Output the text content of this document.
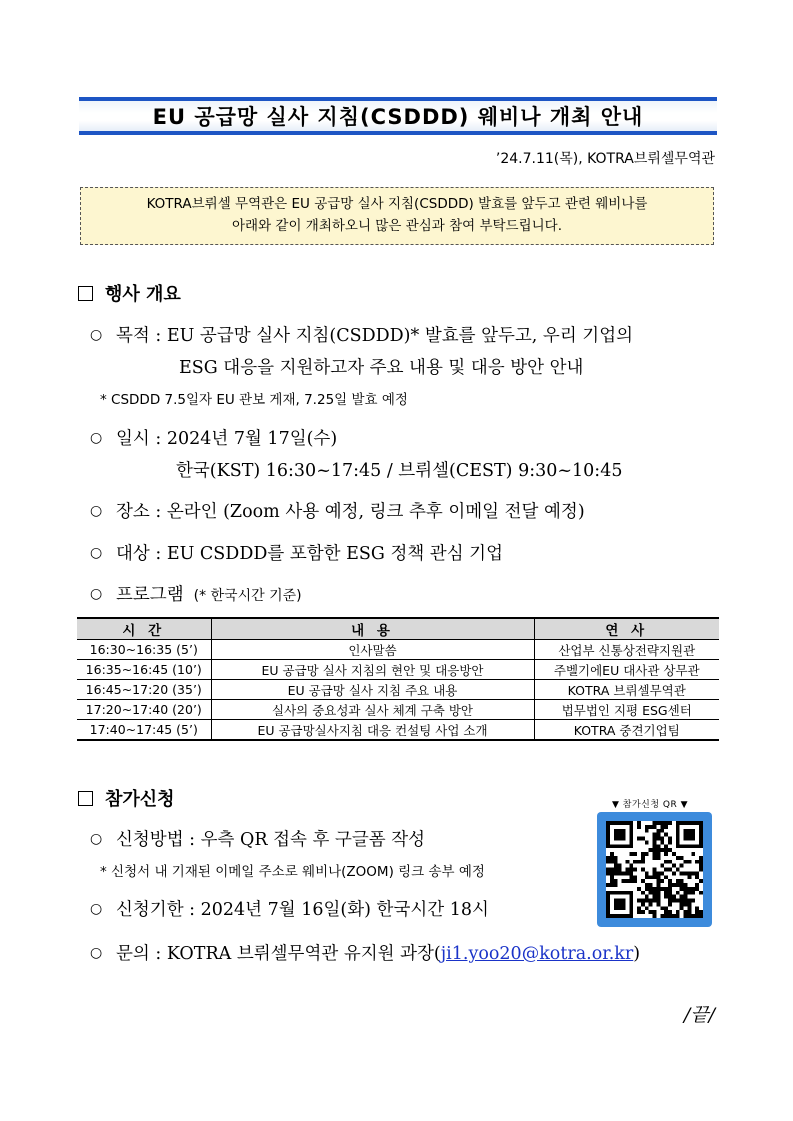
EU 공급망 실사 지침(CSDDD) 웨비나 개최 안내
’24.7.11(목), KOTRA브뤼셀무역관
KOTRA브뤼셀 무역관은 EU 공급망 실사 지침(CSDDD) 발효를 앞두고 관련 웨비나를
아래와 같이 개최하오니 많은 관심과 참여 부탁드립니다.
행사 개요
○ 목적 : EU 공급망 실사 지침(CSDDD)* 발효를 앞두고, 우리 기업의
ESG 대응을 지원하고자 주요 내용 및 대응 방안 안내
* CSDDD 7.5일자 EU 관보 게재, 7.25일 발효 예정
○ 일시 : 2024년 7월 17일(수)
한국(KST) 16:30~17:45 / 브뤼셀(CEST) 9:30~10:45
○ 장소 : 온라인 (Zoom 사용 예정, 링크 추후 이메일 전달 예정)
○ 대상 : EU CSDDD를 포함한 ESG 정책 관심 기업
○ 프로그램 (* 한국시간 기준)
시 간	내 용	연 사
16:30~16:35 (5’)	인사말씀	산업부 신통상전략지원관
16:35~16:45 (10’)	EU 공급망 실사 지침의 현안 및 대응방안	주벨기에EU 대사관 상무관
16:45~17:20 (35’)	EU 공급망 실사 지침 주요 내용	KOTRA 브뤼셀무역관
17:20~17:40 (20’)	실사의 중요성과 실사 체계 구축 방안	법무법인 지평 ESG센터
17:40~17:45 (5’)	EU 공급망실사지침 대응 컨설팅 사업 소개	KOTRA 중견기업팀
참가신청	▼ 참가신청 QR ▼
○ 신청방법 : 우측 QR 접속 후 구글폼 작성
* 신청서 내 기재된 이메일 주소로 웨비나(ZOOM) 링크 송부 예정
○ 신청기한 : 2024년 7월 16일(화) 한국시간 18시
○ 문의 : KOTRA 브뤼셀무역관 유지원 과장(ji1.yoo20@kotra.or.kr)
/끝/
